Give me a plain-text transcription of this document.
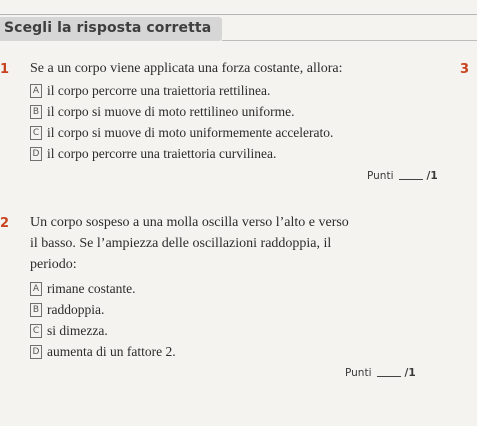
Scegli la risposta corretta
3
1 Se a un corpo viene applicata una forza costante, allora:
A il corpo percorre una traiettoria rettilinea.
B il corpo si muove di moto rettilineo uniforme.
C il corpo si muove di moto uniformemente accelerato.
D il corpo percorre una traiettoria curvilinea.
Punti	/1
2 Un corpo sospeso a una molla oscilla verso l’alto e verso
il basso. Se l’ampiezza delle oscillazioni raddoppia, il
periodo:
A rimane costante.
B raddoppia.
C si dimezza.
D aumenta di un fattore 2.
Punti	/1
